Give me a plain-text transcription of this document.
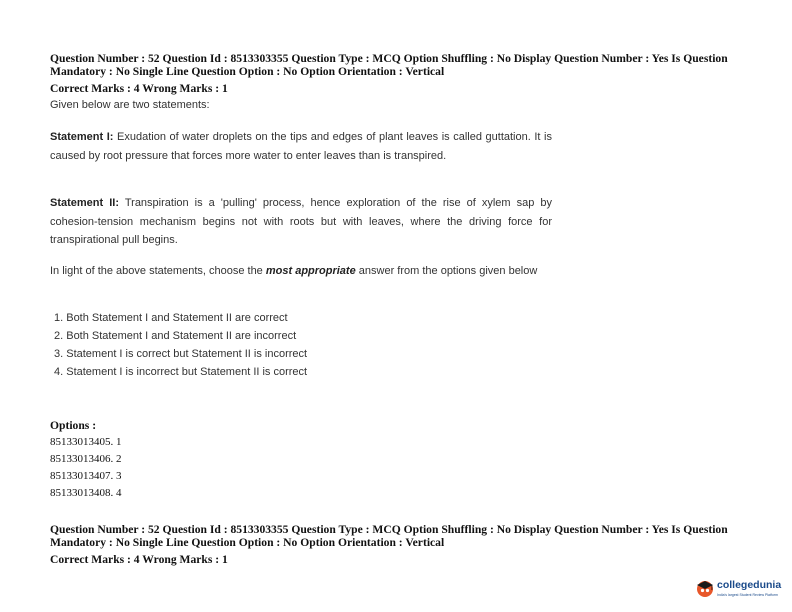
Question Number : 52 Question Id : 8513303355 Question Type : MCQ Option Shuffling : No Display Question Number : Yes Is Question Mandatory : No Single Line Question Option : No Option Orientation : Vertical
Correct Marks : 4 Wrong Marks : 1
Given below are two statements:
Statement I: Exudation of water droplets on the tips and edges of plant leaves is called guttation. It is caused by root pressure that forces more water to enter leaves than is transpired.
Statement II: Transpiration is a 'pulling' process, hence exploration of the rise of xylem sap by cohesion-tension mechanism begins not with roots but with leaves, where the driving force for transpirational pull begins.
In light of the above statements, choose the most appropriate answer from the options given below
1. Both Statement I and Statement II are correct
2. Both Statement I and Statement II are incorrect
3. Statement I is correct but Statement II is incorrect
4. Statement I is incorrect but Statement II is correct
Options :
85133013405. 1
85133013406. 2
85133013407. 3
85133013408. 4
Question Number : 52 Question Id : 8513303355 Question Type : MCQ Option Shuffling : No Display Question Number : Yes Is Question Mandatory : No Single Line Question Option : No Option Orientation : Vertical
Correct Marks : 4 Wrong Marks : 1
collegedunia
India's largest Student Review Platform
